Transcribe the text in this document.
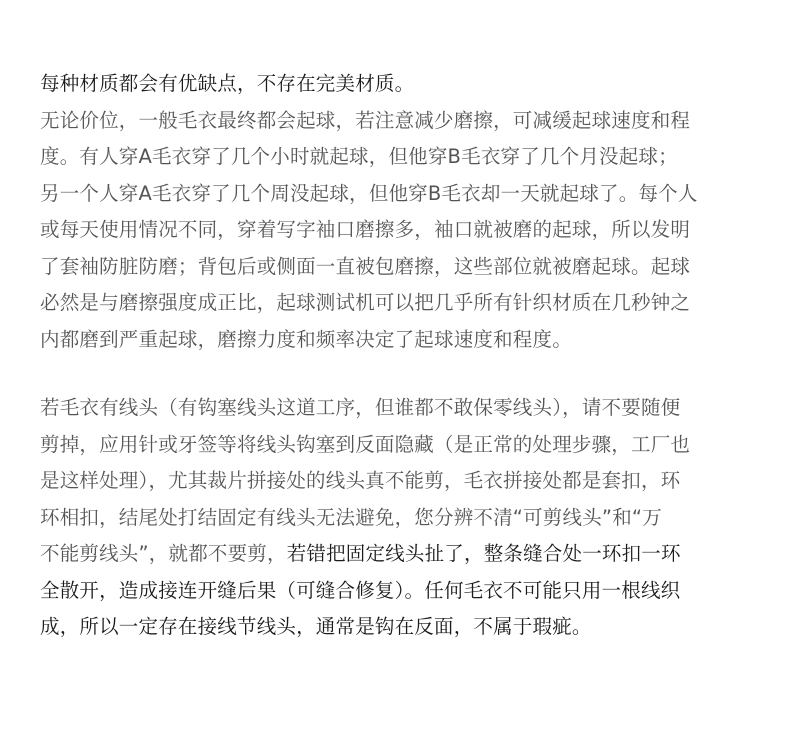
每种材质都会有优缺点，不存在完美材质。
无论价位，一般毛衣最终都会起球，若注意减少磨擦，可减缓起球速度和程
度。有人穿A毛衣穿了几个小时就起球，但他穿B毛衣穿了几个月没起球；
另一个人穿A毛衣穿了几个周没起球，但他穿B毛衣却一天就起球了。每个人
或每天使用情况不同，穿着写字袖口磨擦多，袖口就被磨的起球，所以发明
了套袖防脏防磨；背包后或侧面一直被包磨擦，这些部位就被磨起球。起球
必然是与磨擦强度成正比，起球测试机可以把几乎所有针织材质在几秒钟之
内都磨到严重起球，磨擦力度和频率决定了起球速度和程度。
若毛衣有线头（有钩塞线头这道工序，但谁都不敢保零线头），请不要随便
剪掉，应用针或牙签等将线头钩塞到反面隐藏（是正常的处理步骤，工厂也
是这样处理），尤其裁片拼接处的线头真不能剪，毛衣拼接处都是套扣，环
环相扣，结尾处打结固定有线头无法避免，您分辨不清“可剪线头”和“万
不能剪线头”，就都不要剪，若错把固定线头扯了，整条缝合处一环扣一环
全散开，造成接连开缝后果（可缝合修复）。任何毛衣不可能只用一根线织
成，所以一定存在接线节线头，通常是钩在反面，不属于瑕疵。
